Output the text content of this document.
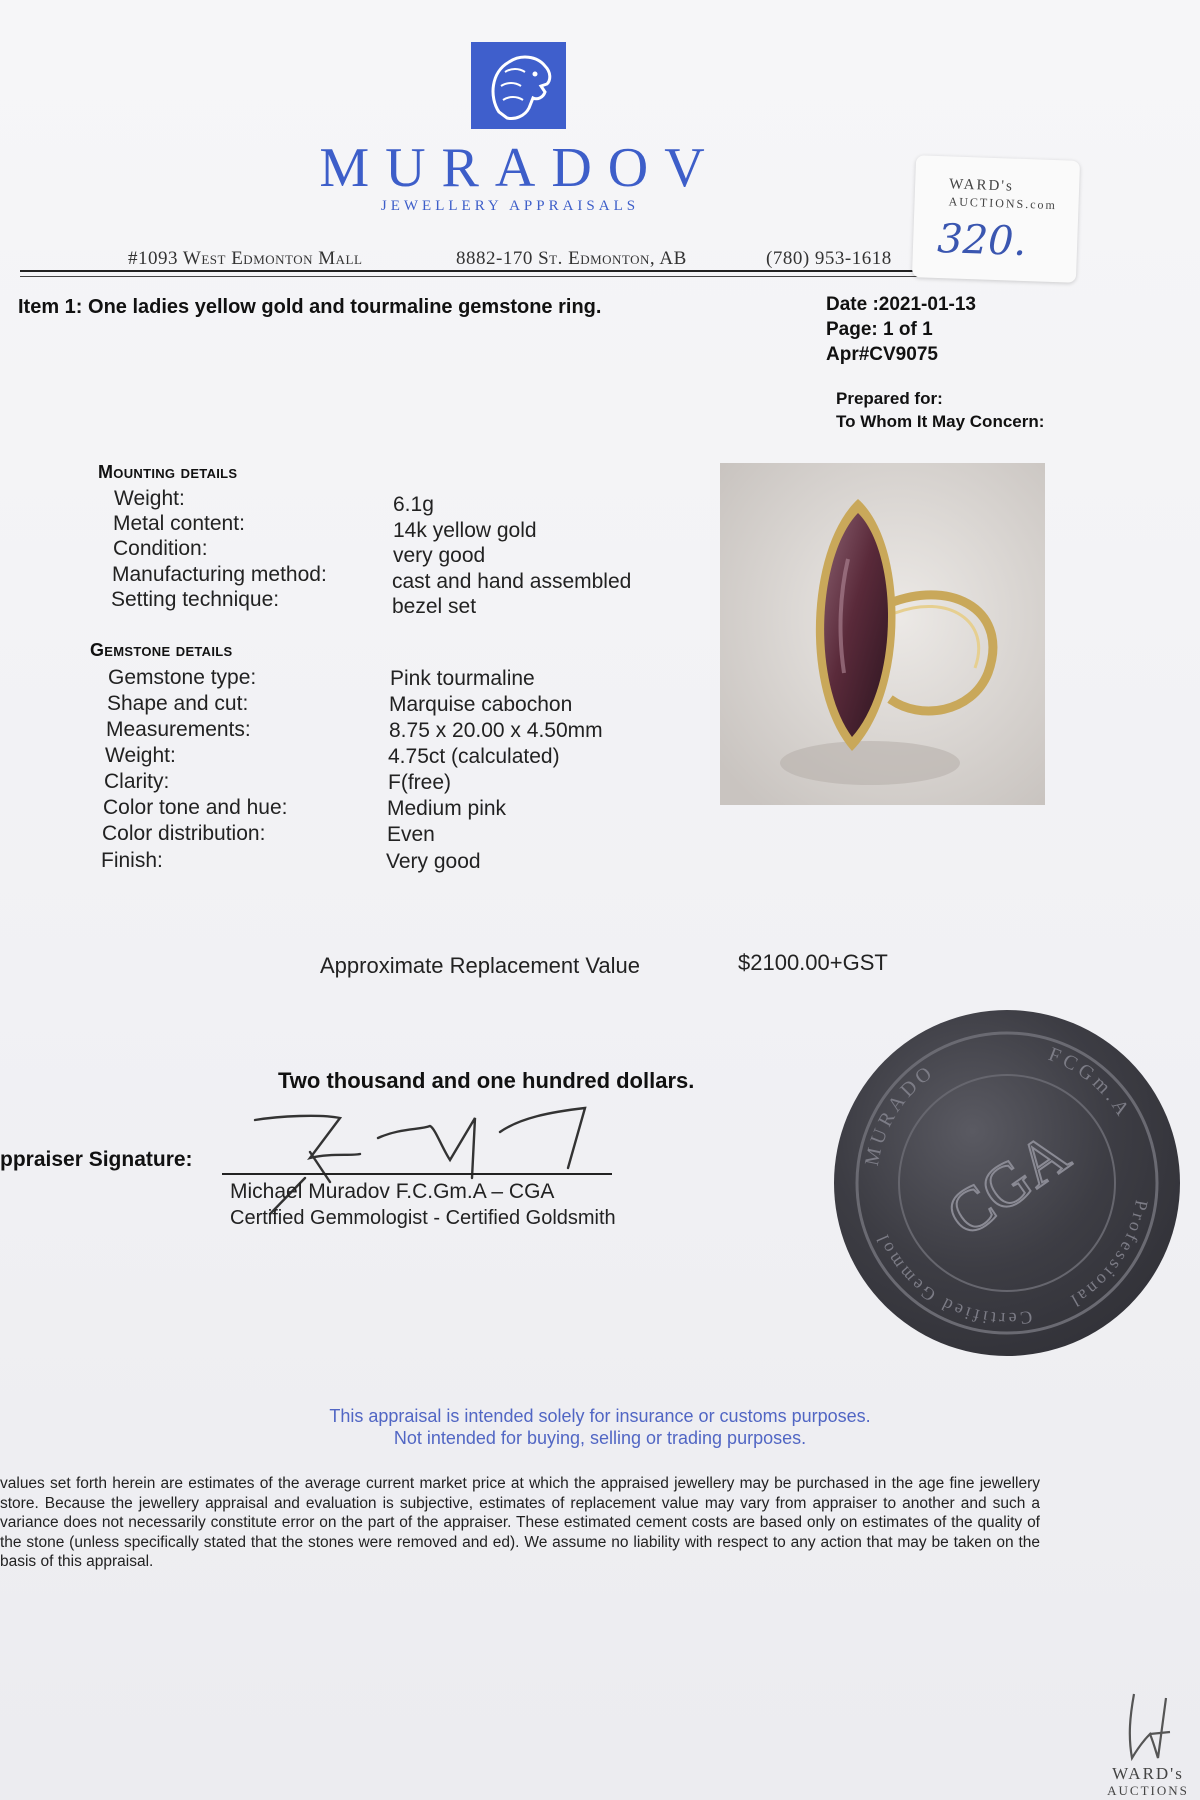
MURADOV
JEWELLERY APPRAISALS
#1093 West Edmonton Mall	8882-170 St. Edmonton, AB	(780) 953-1618
WARD's
AUCTIONS.com
320.
Item 1: One ladies yellow gold and tourmaline gemstone ring.	Date :2021-01-13
Page: 1 of 1
Apr#CV9075
Prepared for:
To Whom It May Concern:
Mounting details
Weight:	6.1g
Metal content:	14k yellow gold
Condition:	very good
Manufacturing method:	cast and hand assembled
Setting technique:	bezel set
Gemstone details
Gemstone type:	Pink tourmaline
Shape and cut:	Marquise cabochon
Measurements:	8.75 x 20.00 x 4.50mm
Weight:	4.75ct (calculated)
Clarity:	F(free)
Color tone and hue:	Medium pink
Color distribution:	Even
Finish:	Very good
Approximate Replacement Value	$2100.00+GST
Two thousand and one hundred dollars.
ppraiser Signature:
Michael Muradov F.C.Gm.A – CGA
Certified Gemmologist - Certified Goldsmith
MURADO
FCGm.A
Professional
Certified Gemmol CGA
This appraisal is intended solely for insurance or customs purposes.
Not intended for buying, selling or trading purposes.
values set forth herein are estimates of the average current market price at which the appraised jewellery may be purchased in the age fine jewellery store. Because the jewellery appraisal and evaluation is subjective, estimates of replacement value may vary from appraiser to another and such a variance does not necessarily constitute error on the part of the appraiser. These estimated cement costs are based only on estimates of the quality of the stone (unless specifically stated that the stones were removed and ed). We assume no liability with respect to any action that may be taken on the basis of this appraisal.
WARD's
AUCTIONS
